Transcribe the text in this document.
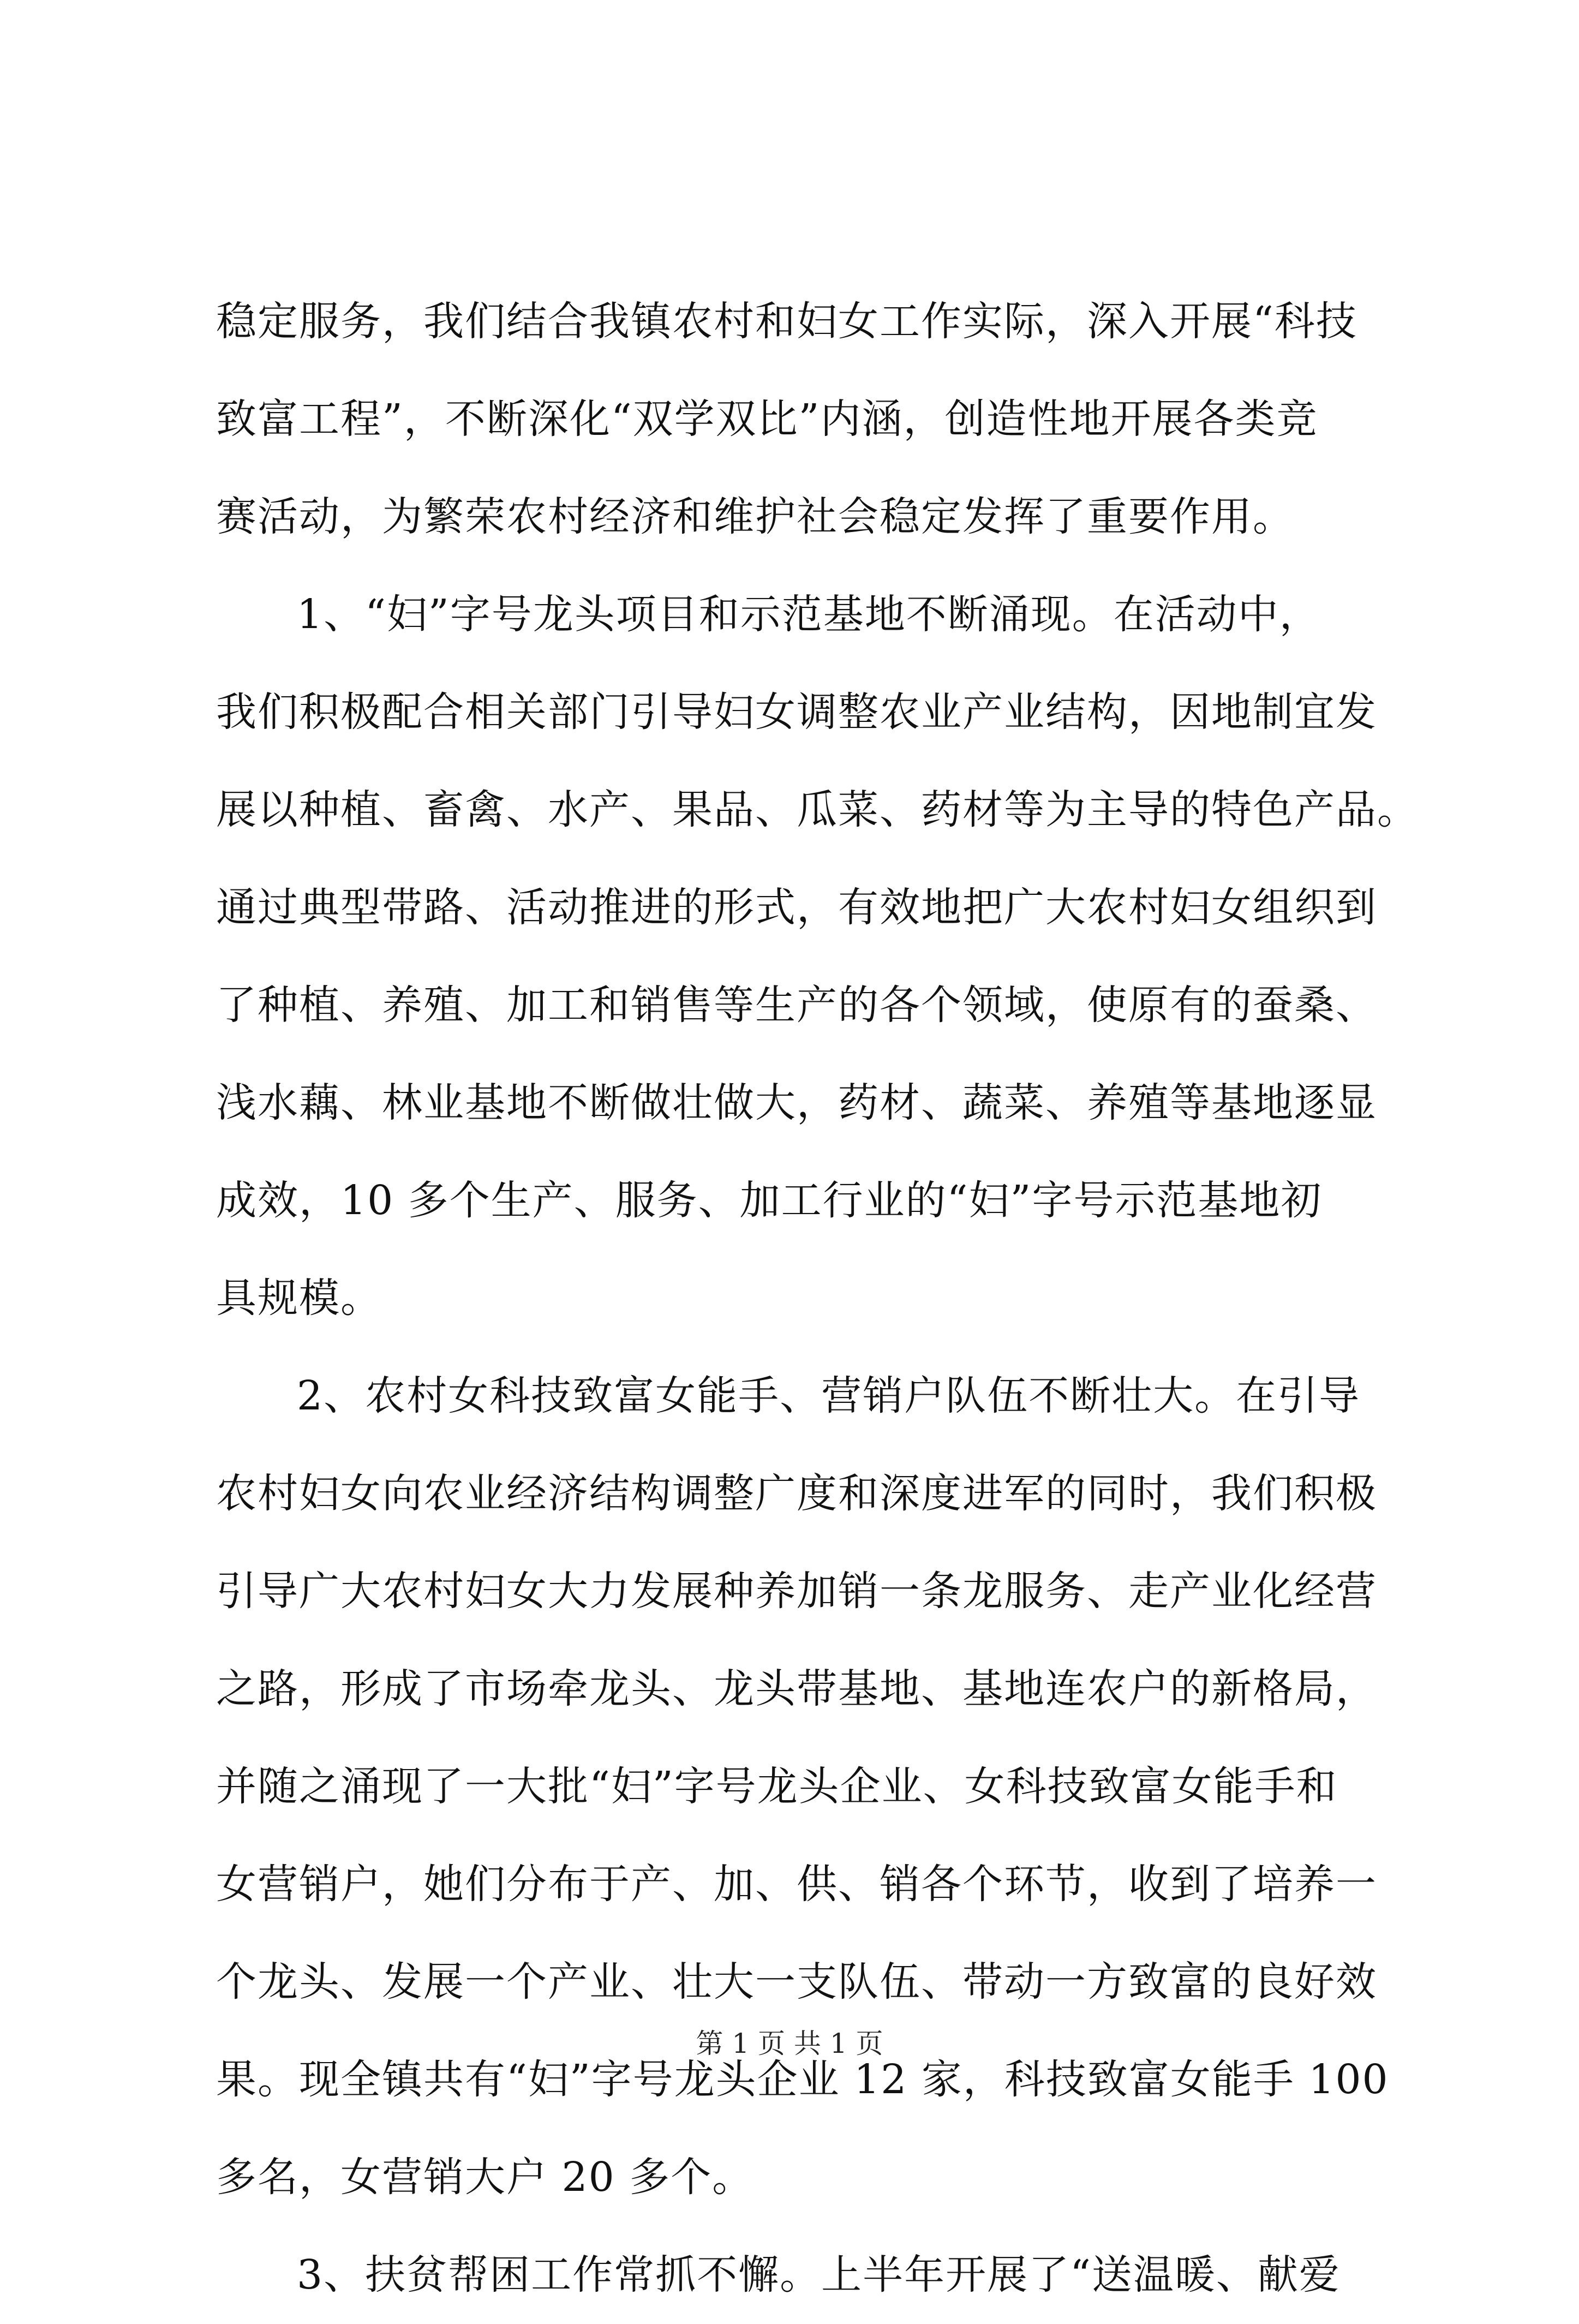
稳定服务，我们结合我镇农村和妇女工作实际，深入开展“科技
致富工程”，不断深化“双学双比”内涵，创造性地开展各类竞
赛活动，为繁荣农村经济和维护社会稳定发挥了重要作用。
1、“妇”字号龙头项目和示范基地不断涌现。在活动中，
我们积极配合相关部门引导妇女调整农业产业结构，因地制宜发
展以种植、畜禽、水产、果品、瓜菜、药材等为主导的特色产品。
通过典型带路、活动推进的形式，有效地把广大农村妇女组织到
了种植、养殖、加工和销售等生产的各个领域，使原有的蚕桑、
浅水藕、林业基地不断做壮做大，药材、蔬菜、养殖等基地逐显
成效，10 多个生产、服务、加工行业的“妇”字号示范基地初
具规模。
2、农村女科技致富女能手、营销户队伍不断壮大。在引导
农村妇女向农业经济结构调整广度和深度进军的同时，我们积极
引导广大农村妇女大力发展种养加销一条龙服务、走产业化经营
之路，形成了市场牵龙头、龙头带基地、基地连农户的新格局，
并随之涌现了一大批“妇”字号龙头企业、女科技致富女能手和
女营销户，她们分布于产、加、供、销各个环节，收到了培养一
个龙头、发展一个产业、壮大一支队伍、带动一方致富的良好效
果。现全镇共有“妇”字号龙头企业 12 家，科技致富女能手 100
多名，女营销大户 20 多个。
3、扶贫帮困工作常抓不懈。上半年开展了“送温暖、献爱
第 1 页 共 1 页
